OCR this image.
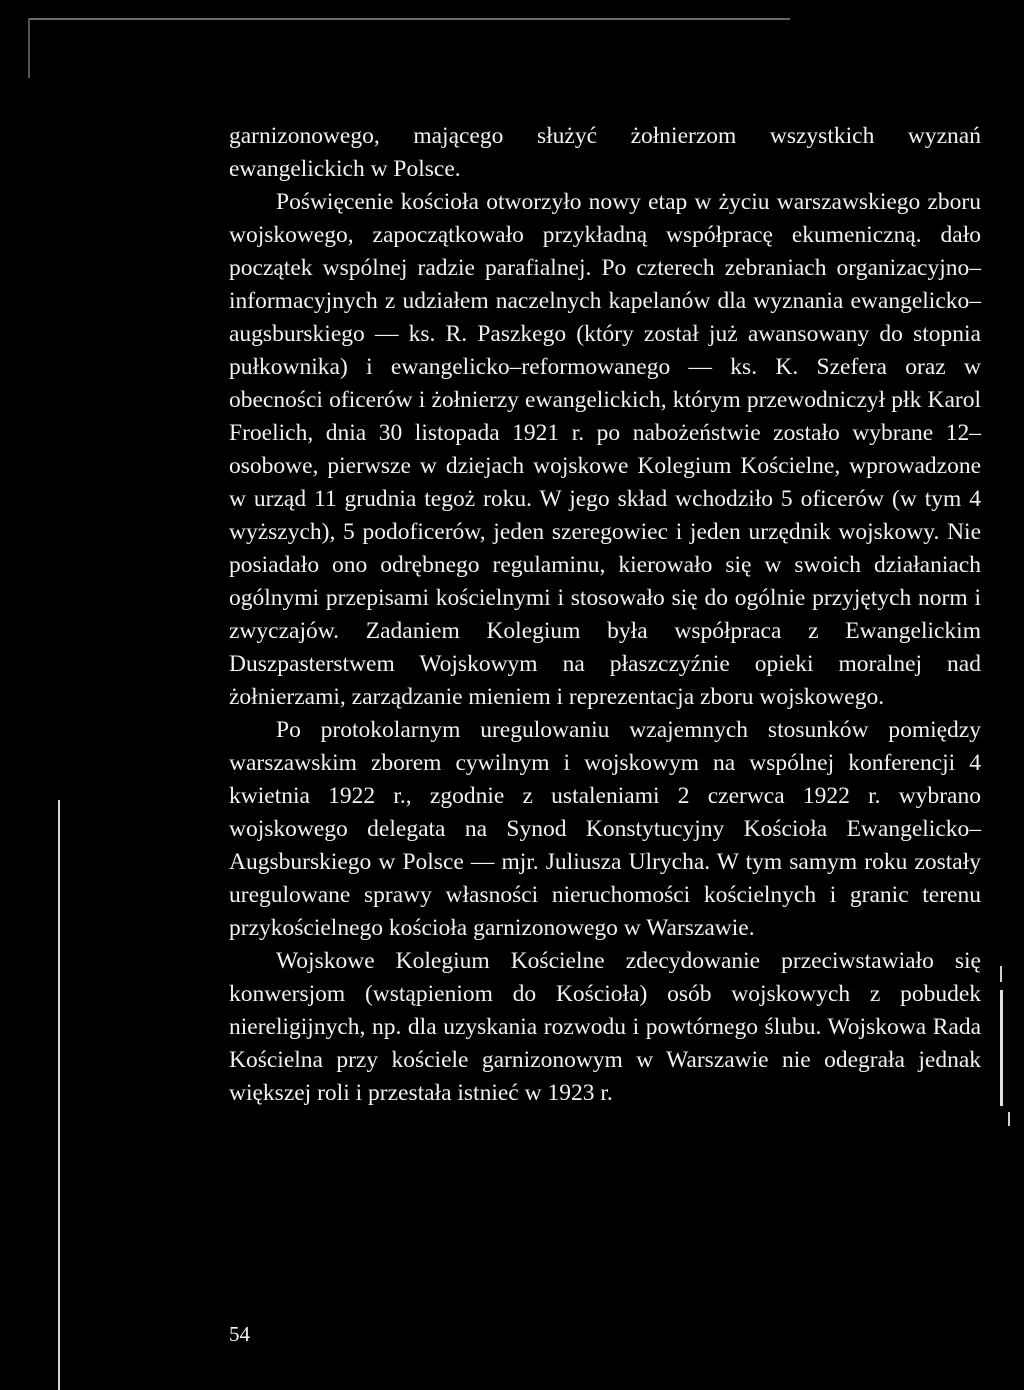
garnizonowego, mającego służyć żołnierzom wszystkich wyznań ewangelickich w Polsce.

Poświęcenie kościoła otworzyło nowy etap w życiu warszawskiego zboru wojskowego, zapoczątkowało przykładną współpracę ekumeniczną. dało początek wspólnej radzie parafialnej. Po czterech zebraniach organizacyjno–informacyjnych z udziałem naczelnych kapelanów dla wyznania ewangelicko–augsburskiego — ks. R. Paszkego (który został już awansowany do stopnia pułkownika) i ewangelicko–reformowanego — ks. K. Szefera oraz w obecności oficerów i żołnierzy ewangelickich, którym przewodniczył płk Karol Froelich, dnia 30 listopada 1921 r. po nabożeństwie zostało wybrane 12–osobowe, pierwsze w dziejach wojskowe Kolegium Kościelne, wprowadzone w urząd 11 grudnia tegoż roku. W jego skład wchodziło 5 oficerów (w tym 4 wyższych), 5 podoficerów, jeden szeregowiec i jeden urzędnik wojskowy. Nie posiadało ono odrębnego regulaminu, kierowało się w swoich działaniach ogólnymi przepisami kościelnymi i stosowało się do ogólnie przyjętych norm i zwyczajów. Zadaniem Kolegium była współpraca z Ewangelickim Duszpasterstwem Wojskowym na płaszczyźnie opieki moralnej nad żołnierzami, zarządzanie mieniem i reprezentacja zboru wojskowego.

Po protokolarnym uregulowaniu wzajemnych stosunków pomiędzy warszawskim zborem cywilnym i wojskowym na wspólnej konferencji 4 kwietnia 1922 r., zgodnie z ustaleniami 2 czerwca 1922 r. wybrano wojskowego delegata na Synod Konstytucyjny Kościoła Ewangelicko–Augsburskiego w Polsce — mjr. Juliusza Ulrycha. W tym samym roku zostały uregulowane sprawy własności nieruchomości kościelnych i granic terenu przykościelnego kościoła garnizonowego w Warszawie.

Wojskowe Kolegium Kościelne zdecydowanie przeciwstawiało się konwersjom (wstąpieniom do Kościoła) osób wojskowych z pobudek niereligijnych, np. dla uzyskania rozwodu i powtórnego ślubu. Wojskowa Rada Kościelna przy kościele garnizonowym w Warszawie nie odegrała jednak większej roli i przestała istnieć w 1923 r.

54
